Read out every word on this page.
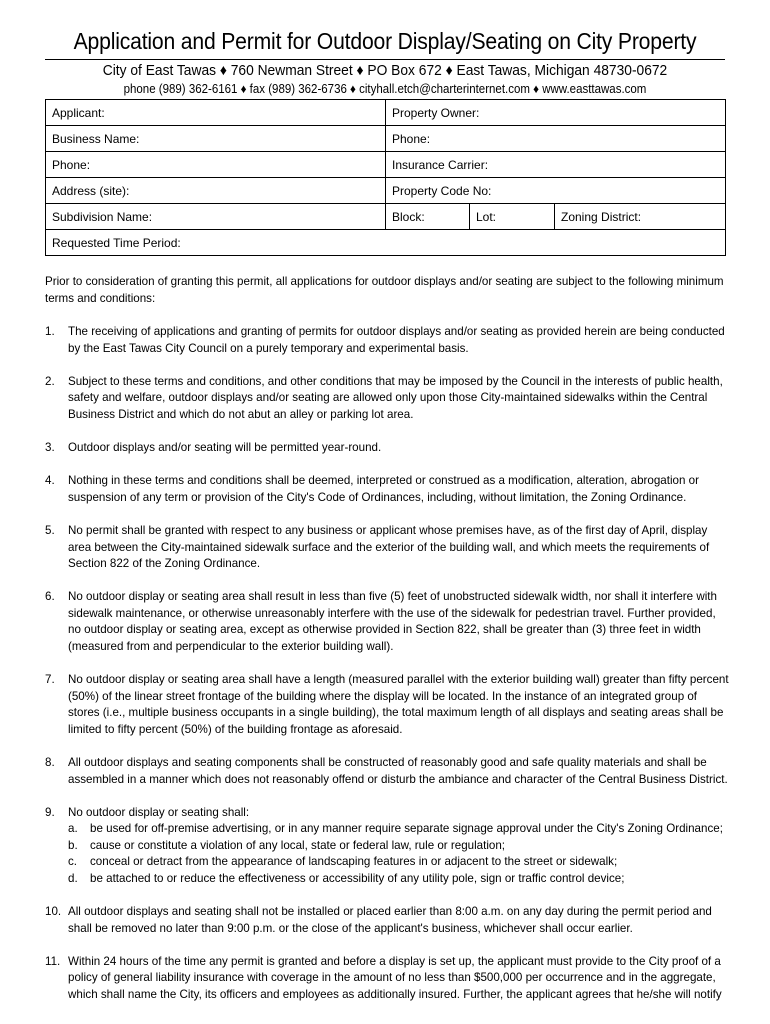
Application and Permit for Outdoor Display/Seating on City Property
City of East Tawas ♦ 760 Newman Street ♦ PO Box 672 ♦ East Tawas, Michigan 48730-0672
phone (989) 362-6161 ♦ fax (989) 362-6736 ♦ cityhall.etch@charterinternet.com ♦ www.easttawas.com
Applicant:	Property Owner:		
Business Name:	Phone:		
Phone:	Insurance Carrier:		
Address (site):	Property Code No:		
Subdivision Name:	Block:	Lot:	Zoning District:
Requested Time Period:			
Prior to consideration of granting this permit, all applications for outdoor displays and/or seating are subject to the following minimum terms and conditions:
1. The receiving of applications and granting of permits for outdoor displays and/or seating as provided herein are being conducted by the East Tawas City Council on a purely temporary and experimental basis.
2. Subject to these terms and conditions, and other conditions that may be imposed by the Council in the interests of public health, safety and welfare, outdoor displays and/or seating are allowed only upon those City-maintained sidewalks within the Central Business District and which do not abut an alley or parking lot area.
3. Outdoor displays and/or seating will be permitted year-round.
4. Nothing in these terms and conditions shall be deemed, interpreted or construed as a modification, alteration, abrogation or suspension of any term or provision of the City's Code of Ordinances, including, without limitation, the Zoning Ordinance.
5. No permit shall be granted with respect to any business or applicant whose premises have, as of the first day of April, display area between the City-maintained sidewalk surface and the exterior of the building wall, and which meets the requirements of Section 822 of the Zoning Ordinance.
6. No outdoor display or seating area shall result in less than five (5) feet of unobstructed sidewalk width, nor shall it interfere with sidewalk maintenance, or otherwise unreasonably interfere with the use of the sidewalk for pedestrian travel. Further provided, no outdoor display or seating area, except as otherwise provided in Section 822, shall be greater than (3) three feet in width (measured from and perpendicular to the exterior building wall).
7. No outdoor display or seating area shall have a length (measured parallel with the exterior building wall) greater than fifty percent (50%) of the linear street frontage of the building where the display will be located. In the instance of an integrated group of stores (i.e., multiple business occupants in a single building), the total maximum length of all displays and seating areas shall be limited to fifty percent (50%) of the building frontage as aforesaid.
8. All outdoor displays and seating components shall be constructed of reasonably good and safe quality materials and shall be assembled in a manner which does not reasonably offend or disturb the ambiance and character of the Central Business District.
9. No outdoor display or seating shall:
a. be used for off-premise advertising, or in any manner require separate signage approval under the City's Zoning Ordinance;
b. cause or constitute a violation of any local, state or federal law, rule or regulation;
c. conceal or detract from the appearance of landscaping features in or adjacent to the street or sidewalk;
d. be attached to or reduce the effectiveness or accessibility of any utility pole, sign or traffic control device;
10. All outdoor displays and seating shall not be installed or placed earlier than 8:00 a.m. on any day during the permit period and shall be removed no later than 9:00 p.m. or the close of the applicant's business, whichever shall occur earlier.
11. Within 24 hours of the time any permit is granted and before a display is set up, the applicant must provide to the City proof of a policy of general liability insurance with coverage in the amount of no less than $500,000 per occurrence and in the aggregate, which shall name the City, its officers and employees as additionally insured. Further, the applicant agrees that he/she will notify
